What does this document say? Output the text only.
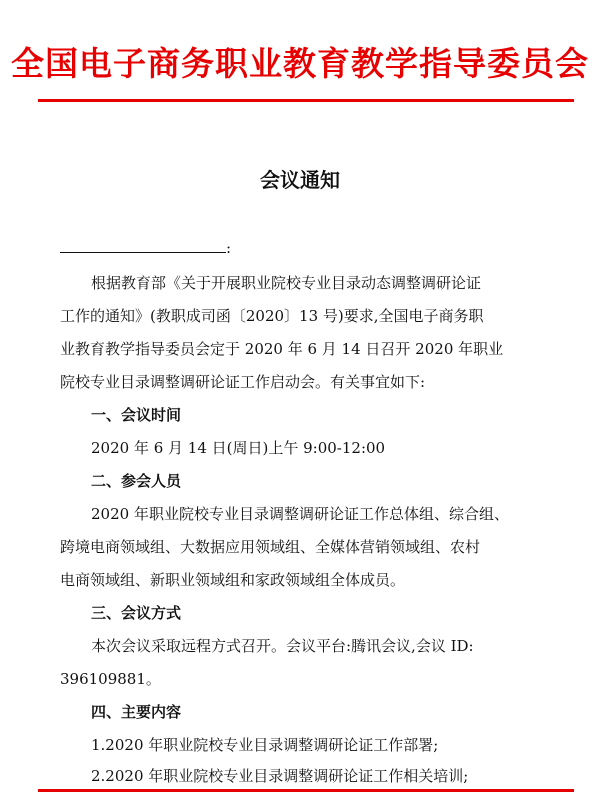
全国电子商务职业教育教学指导委员会
会议通知
:
根据教育部《关于开展职业院校专业目录动态调整调研论证
工作的通知》(教职成司函〔2020〕13 号)要求,全国电子商务职
业教育教学指导委员会定于 2020 年 6 月 14 日召开 2020 年职业
院校专业目录调整调研论证工作启动会。有关事宜如下:
一、会议时间
2020 年 6 月 14 日(周日)上午 9:00-12:00
二、参会人员
2020 年职业院校专业目录调整调研论证工作总体组、综合组、
跨境电商领域组、大数据应用领域组、全媒体营销领域组、农村
电商领域组、新职业领域组和家政领域组全体成员。
三、会议方式
本次会议采取远程方式召开。会议平台:腾讯会议,会议 ID:
396109881。
四、主要内容
1.2020 年职业院校专业目录调整调研论证工作部署;
2.2020 年职业院校专业目录调整调研论证工作相关培训;
